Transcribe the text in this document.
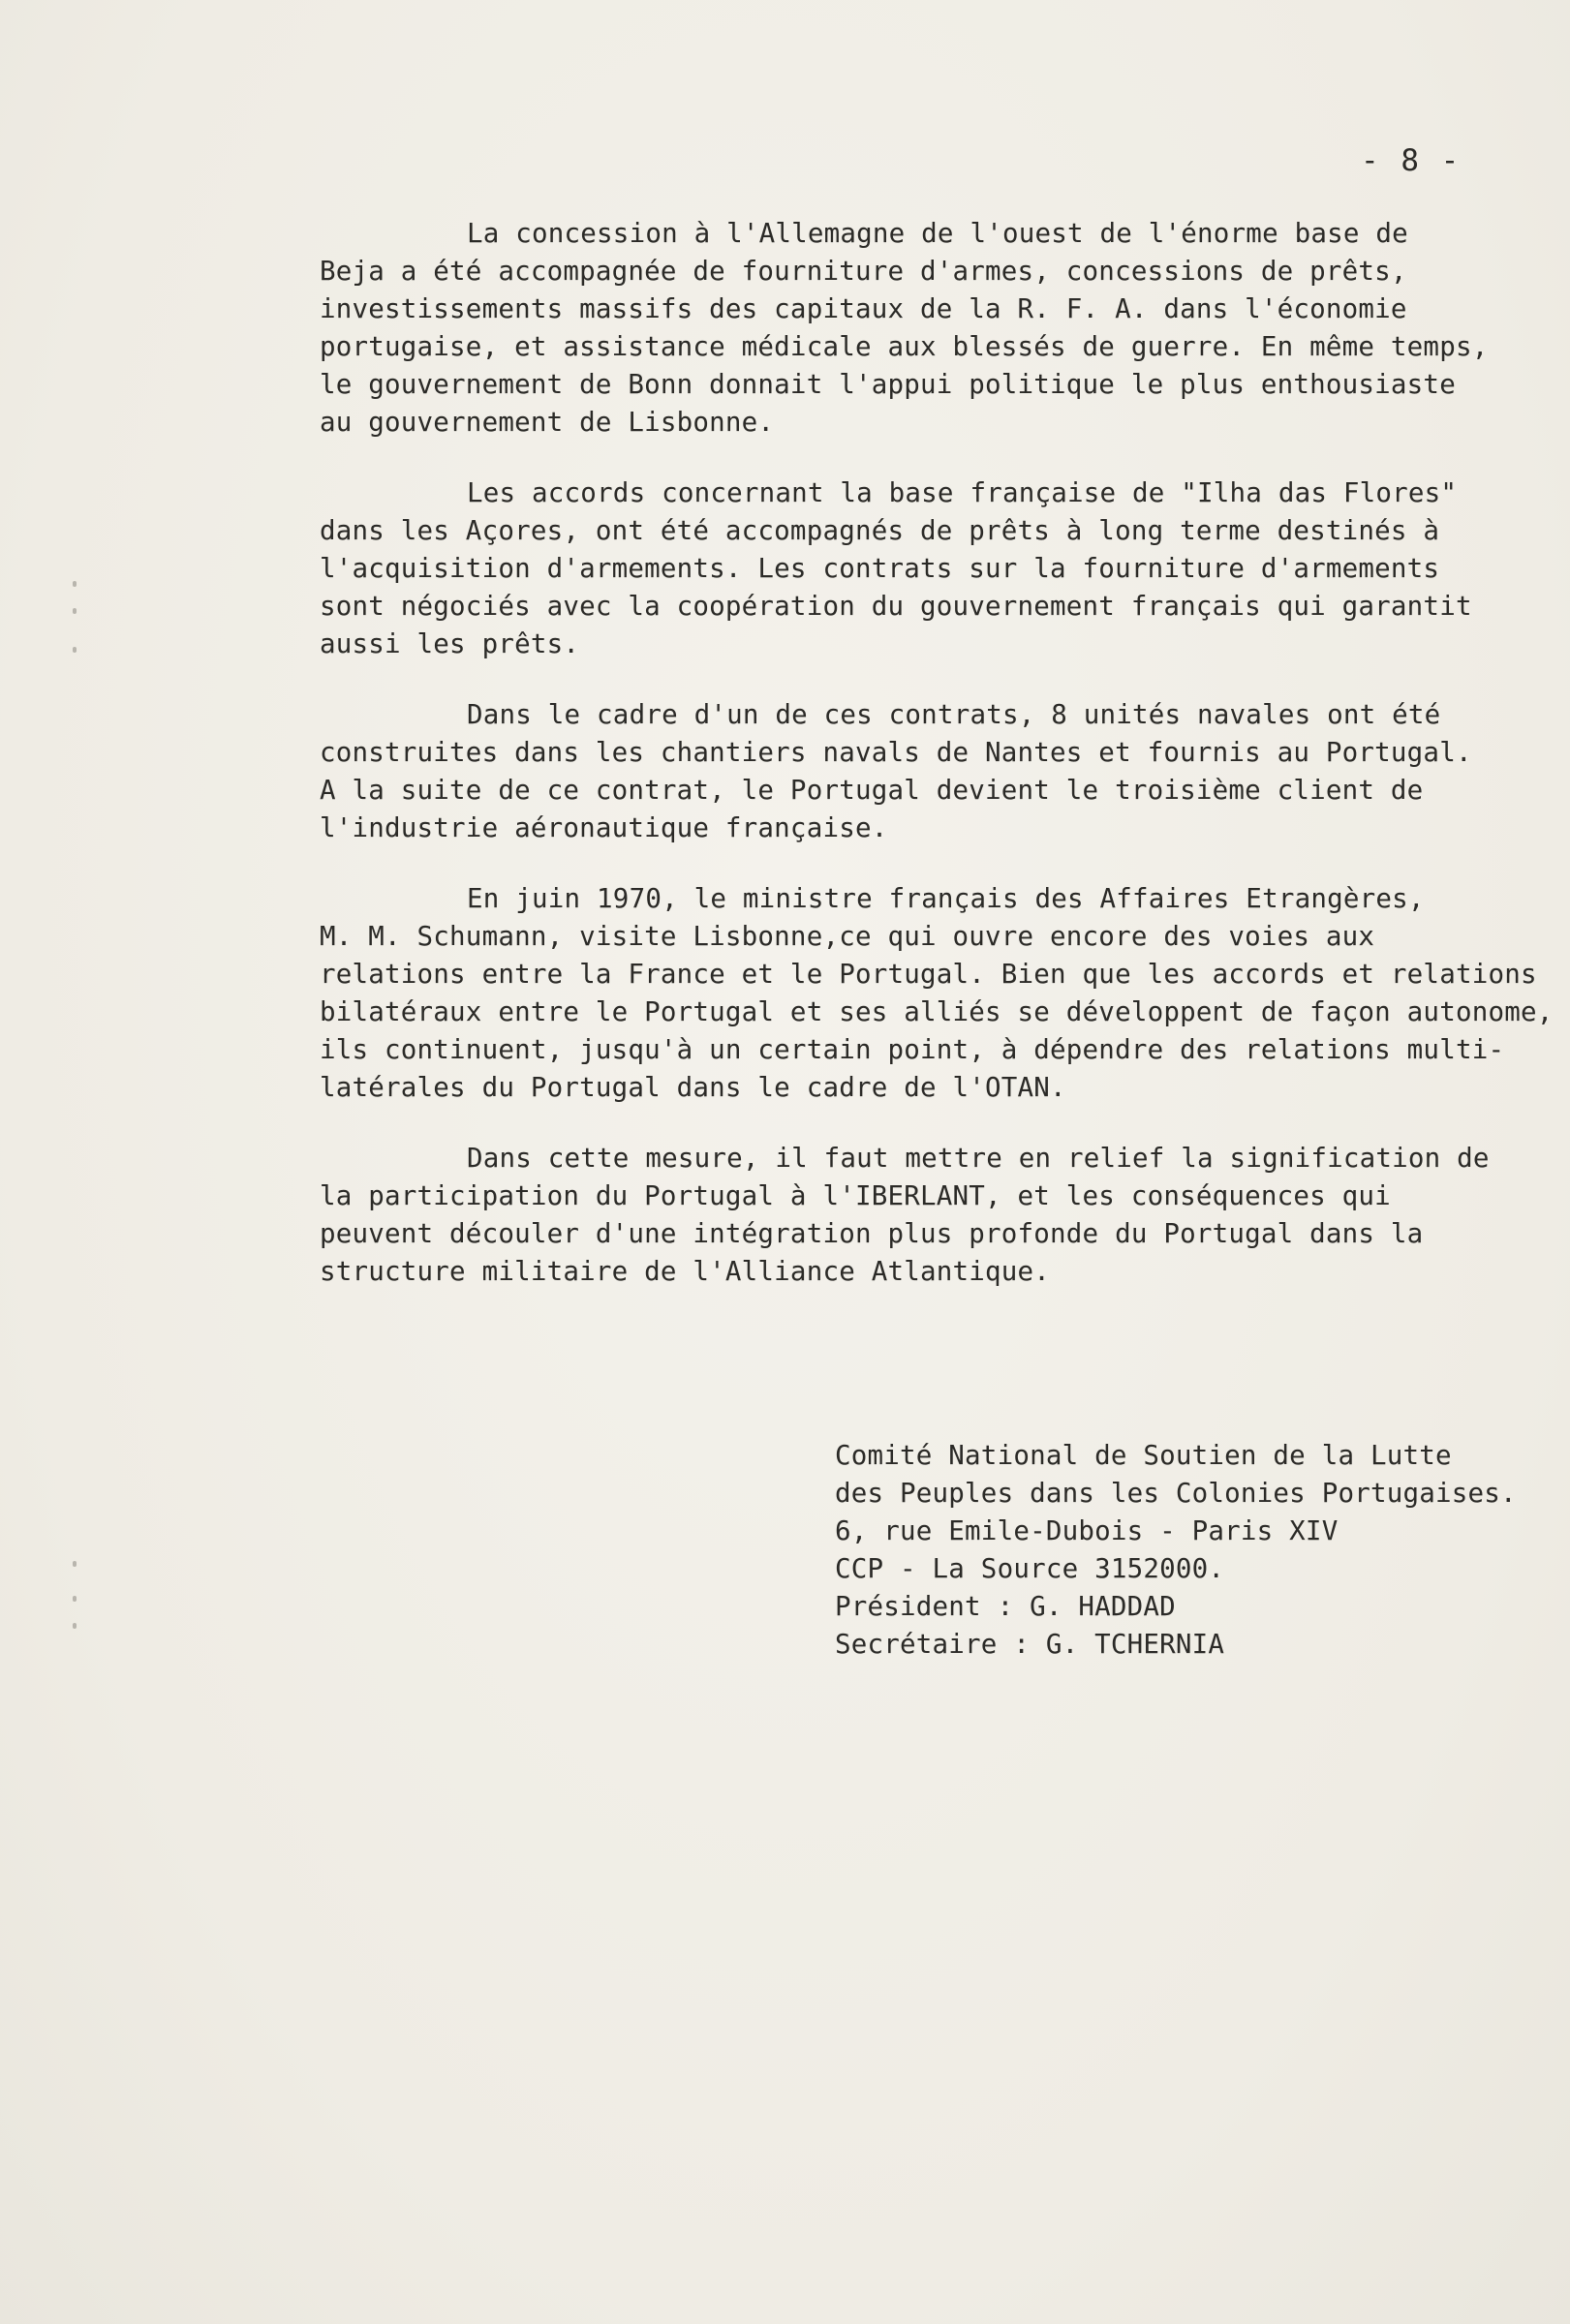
- 8 -

La concession à l'Allemagne de l'ouest de l'énorme base de
Beja a été accompagnée de fourniture d'armes, concessions de prêts,
investissements massifs des capitaux de la R. F. A. dans l'économie
portugaise, et assistance médicale aux blessés de guerre. En même temps,
le gouvernement de Bonn donnait l'appui politique le plus enthousiaste
au gouvernement de Lisbonne.

Les accords concernant la base française de "Ilha das Flores"
dans les Açores, ont été accompagnés de prêts à long terme destinés à
l'acquisition d'armements. Les contrats sur la fourniture d'armements
sont négociés avec la coopération du gouvernement français qui garantit
aussi les prêts.

Dans le cadre d'un de ces contrats, 8 unités navales ont été
construites dans les chantiers navals de Nantes et fournis au Portugal.
A la suite de ce contrat, le Portugal devient le troisième client de
l'industrie aéronautique française.

En juin 1970, le ministre français des Affaires Etrangères,
M. M. Schumann, visite Lisbonne,ce qui ouvre encore des voies aux
relations entre la France et le Portugal. Bien que les accords et relations
bilatéraux entre le Portugal et ses alliés se développent de façon autonome,
ils continuent, jusqu'à un certain point, à dépendre des relations multi-
latérales du Portugal dans le cadre de l'OTAN.

Dans cette mesure, il faut mettre en relief la signification de
la participation du Portugal à l'IBERLANT, et les conséquences qui
peuvent découler d'une intégration plus profonde du Portugal dans la
structure militaire de l'Alliance Atlantique.

Comité National de Soutien de la Lutte
des Peuples dans les Colonies Portugaises.
6, rue Emile-Dubois - Paris XIV
CCP - La Source 3152000.
Président : G. HADDAD
Secrétaire : G. TCHERNIA
